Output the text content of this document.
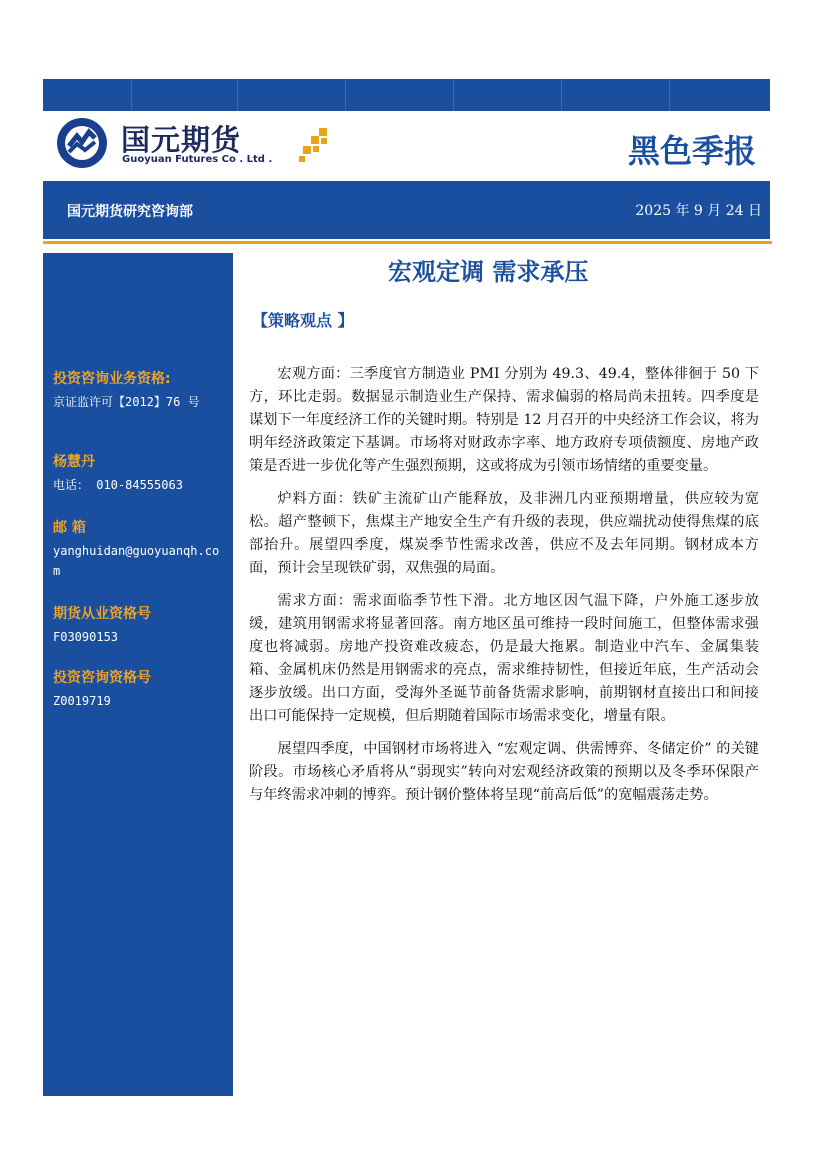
国元期货
Guoyuan Futures Co . Ltd .	黑色季报
国元期货研究咨询部	2025 年 9 月 24 日
投资咨询业务资格:
京证监许可【2012】76 号
杨慧丹
电话： 010-84555063
邮 箱
yanghuidan@guoyuanqh.com
期货从业资格号
F03090153
投资咨询资格号
Z0019719
宏观定调 需求承压
【策略观点 】

宏观方面：三季度官方制造业 PMI 分别为 49.3、49.4，整体徘徊于 50 下方，环比走弱。数据显示制造业生产保持、需求偏弱的格局尚未扭转。四季度是谋划下一年度经济工作的关键时期。特别是 12 月召开的中央经济工作会议，将为明年经济政策定下基调。市场将对财政赤字率、地方政府专项债额度、房地产政策是否进一步优化等产生强烈预期，这或将成为引领市场情绪的重要变量。

炉料方面：铁矿主流矿山产能释放，及非洲几内亚预期增量，供应较为宽松。超产整顿下，焦煤主产地安全生产有升级的表现，供应端扰动使得焦煤的底部抬升。展望四季度，煤炭季节性需求改善，供应不及去年同期。钢材成本方面，预计会呈现铁矿弱，双焦强的局面。

需求方面：需求面临季节性下滑。北方地区因气温下降，户外施工逐步放缓，建筑用钢需求将显著回落。南方地区虽可维持一段时间施工，但整体需求强度也将减弱。房地产投资难改疲态，仍是最大拖累。制造业中汽车、金属集装箱、金属机床仍然是用钢需求的亮点，需求维持韧性，但接近年底，生产活动会逐步放缓。出口方面，受海外圣诞节前备货需求影响，前期钢材直接出口和间接出口可能保持一定规模，但后期随着国际市场需求变化，增量有限。

展望四季度，中国钢材市场将进入 “宏观定调、供需博弈、冬储定价” 的关键阶段。市场核心矛盾将从“弱现实”转向对宏观经济政策的预期以及冬季环保限产与年终需求冲刺的博弈。预计钢价整体将呈现“前高后低”的宽幅震荡走势。
